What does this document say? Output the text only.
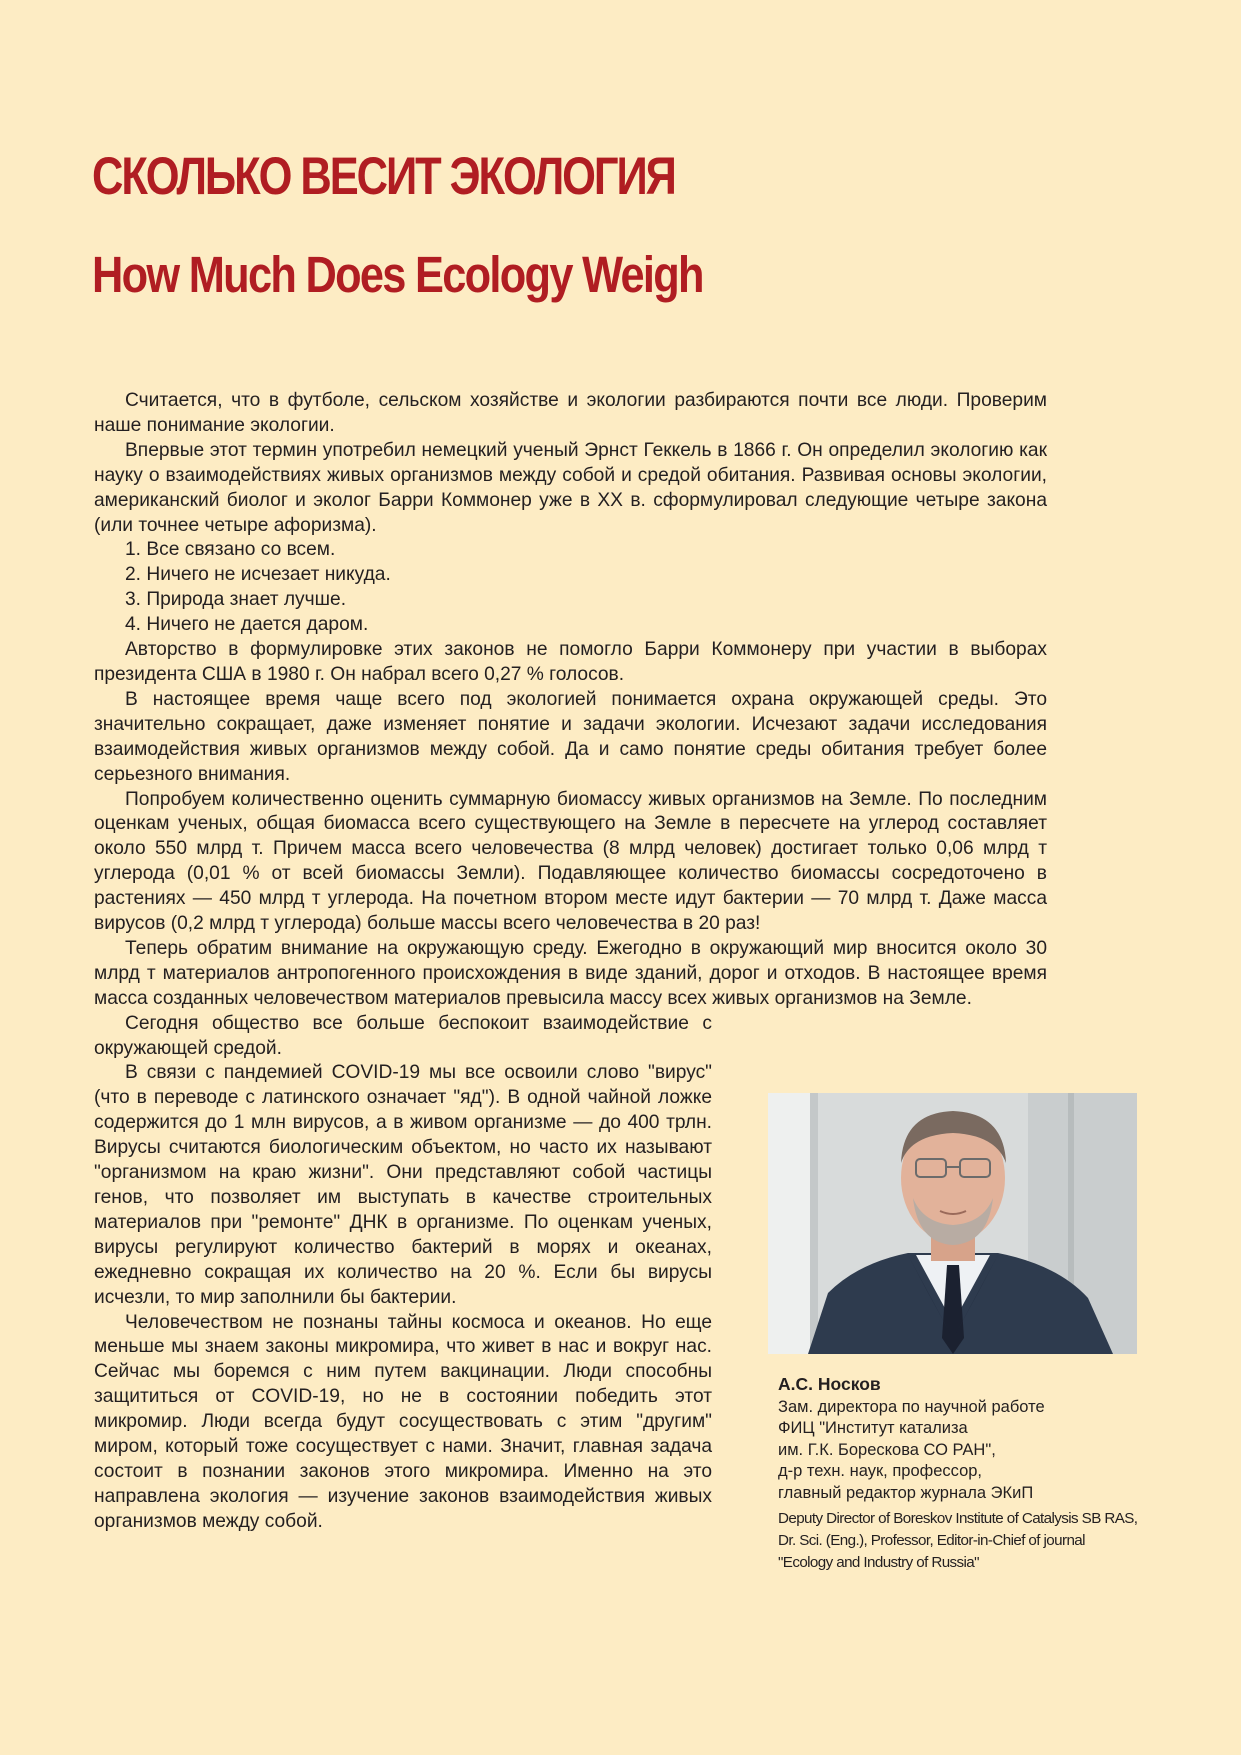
СКОЛЬКО ВЕСИТ ЭКОЛОГИЯ
How Much Does Ecology Weigh

Считается, что в футболе, сельском хозяйстве и экологии разбираются почти все люди. Проверим наше понимание экологии.

Впервые этот термин употребил немецкий ученый Эрнст Геккель в 1866 г. Он определил экологию как науку о взаимодействиях живых организмов между собой и средой обитания. Развивая основы экологии, американский биолог и эколог Барри Коммонер уже в XX в. сформулировал следующие четыре закона (или точнее четыре афоризма).

1. Все связано со всем.

2. Ничего не исчезает никуда.

3. Природа знает лучше.

4. Ничего не дается даром.

Авторство в формулировке этих законов не помогло Барри Коммонеру при участии в выборах президента США в 1980 г. Он набрал всего 0,27 % голосов.

В настоящее время чаще всего под экологией понимается охрана окружающей среды. Это значительно сокращает, даже изменяет понятие и задачи экологии. Исчезают задачи исследования взаимодействия живых организмов между собой. Да и само понятие среды обитания требует более серьезного внимания.

Попробуем количественно оценить суммарную биомассу живых организмов на Земле. По последним оценкам ученых, общая биомасса всего существующего на Земле в пересчете на углерод составляет около 550 млрд т. Причем масса всего человечества (8 млрд человек) достигает только 0,06 млрд т углерода (0,01 % от всей биомассы Земли). Подавляющее количество биомассы сосредоточено в растениях — 450 млрд т углерода. На почетном втором месте идут бактерии — 70 млрд т. Даже масса вирусов (0,2 млрд т углерода) больше массы всего человечества в 20 раз!

Теперь обратим внимание на окружающую среду. Ежегодно в окружающий мир вносится около 30 млрд т материалов антропогенного происхождения в виде зданий, дорог и отходов. В настоящее время масса созданных человечеством материалов превысила массу всех живых организмов на Земле.

Сегодня общество все больше беспокоит взаимодействие с окружающей средой.

В связи с пандемией COVID-19 мы все освоили слово "вирус" (что в переводе с латинского означает "яд"). В одной чайной ложке содержится до 1 млн вирусов, а в живом организме — до 400 трлн. Вирусы считаются биологическим объектом, но часто их называют "организмом на краю жизни". Они представляют собой частицы генов, что позволяет им выступать в качестве строительных материалов при "ремонте" ДНК в организме. По оценкам ученых, вирусы регулируют количество бактерий в морях и океанах, ежедневно сокращая их количество на 20 %. Если бы вирусы исчезли, то мир заполнили бы бактерии.

Человечеством не познаны тайны космоса и океанов. Но еще меньше мы знаем законы микромира, что живет в нас и вокруг нас. Сейчас мы боремся с ним путем вакцинации. Люди способны защититься от COVID-19, но не в состоянии победить этот микромир. Люди всегда будут сосуществовать с этим "другим" миром, который тоже сосуществует с нами. Значит, главная задача состоит в познании законов этого микромира. Именно на это направлена экология — изучение законов взаимодействия живых организмов между собой.

А.С. Носков
Зам. директора по научной работе
ФИЦ "Институт катализа
им. Г.К. Борескова СО РАН",
д-р техн. наук, профессор,
главный редактор журнала ЭКиП
Deputy Director of Boreskov Institute of Catalysis SB RAS,
Dr. Sci. (Eng.), Professor, Editor-in-Chief of journal
"Ecology and Industry of Russia"
